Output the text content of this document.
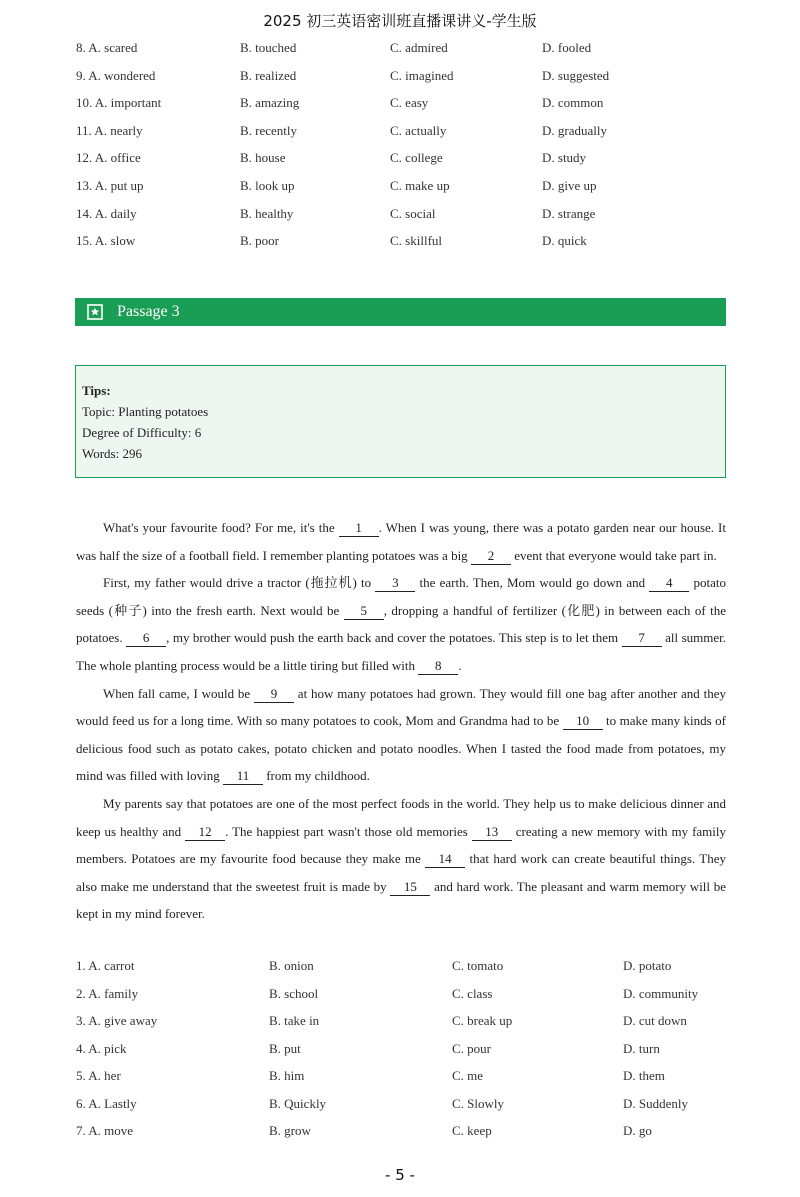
2025 初三英语密训班直播课讲义-学生版
8. A. scared	B. touched	C. admired	D. fooled
9. A. wondered	B. realized	C. imagined	D. suggested
10. A. important	B. amazing	C. easy	D. common
11. A. nearly	B. recently	C. actually	D. gradually
12. A. office	B. house	C. college	D. study
13. A. put up	B. look up	C. make up	D. give up
14. A. daily	B. healthy	C. social	D. strange
15. A. slow	B. poor	C. skillful	D. quick
Passage 3
Tips:
Topic: Planting potatoes
Degree of Difficulty: 6
Words: 296

What's your favourite food? For me, it's the 1 . When I was young, there was a potato garden near our house. It was half the size of a football field. I remember planting potatoes was a big 2 event that everyone would take part in.

First, my father would drive a tractor (拖拉机) to 3 the earth. Then, Mom would go down and 4 potato seeds (种子) into the fresh earth. Next would be 5 , dropping a handful of fertilizer (化肥) in between each of the potatoes. 6 , my brother would push the earth back and cover the potatoes. This step is to let them 7 all summer. The whole planting process would be a little tiring but filled with 8 .

When fall came, I would be 9 at how many potatoes had grown. They would fill one bag after another and they would feed us for a long time. With so many potatoes to cook, Mom and Grandma had to be 10 to make many kinds of delicious food such as potato cakes, potato chicken and potato noodles. When I tasted the food made from potatoes, my mind was filled with loving 11 from my childhood.

My parents say that potatoes are one of the most perfect foods in the world. They help us to make delicious dinner and keep us healthy and 12 . The happiest part wasn't those old memories 13 creating a new memory with my family members. Potatoes are my favourite food because they make me 14 that hard work can create beautiful things. They also make me understand that the sweetest fruit is made by 15 and hard work. The pleasant and warm memory will be kept in my mind forever.

1. A. carrot	B. onion	C. tomato	D. potato
2. A. family	B. school	C. class	D. community
3. A. give away	B. take in	C. break up	D. cut down
4. A. pick	B. put	C. pour	D. turn
5. A. her	B. him	C. me	D. them
6. A. Lastly	B. Quickly	C. Slowly	D. Suddenly
7. A. move	B. grow	C. keep	D. go
- 5 -
